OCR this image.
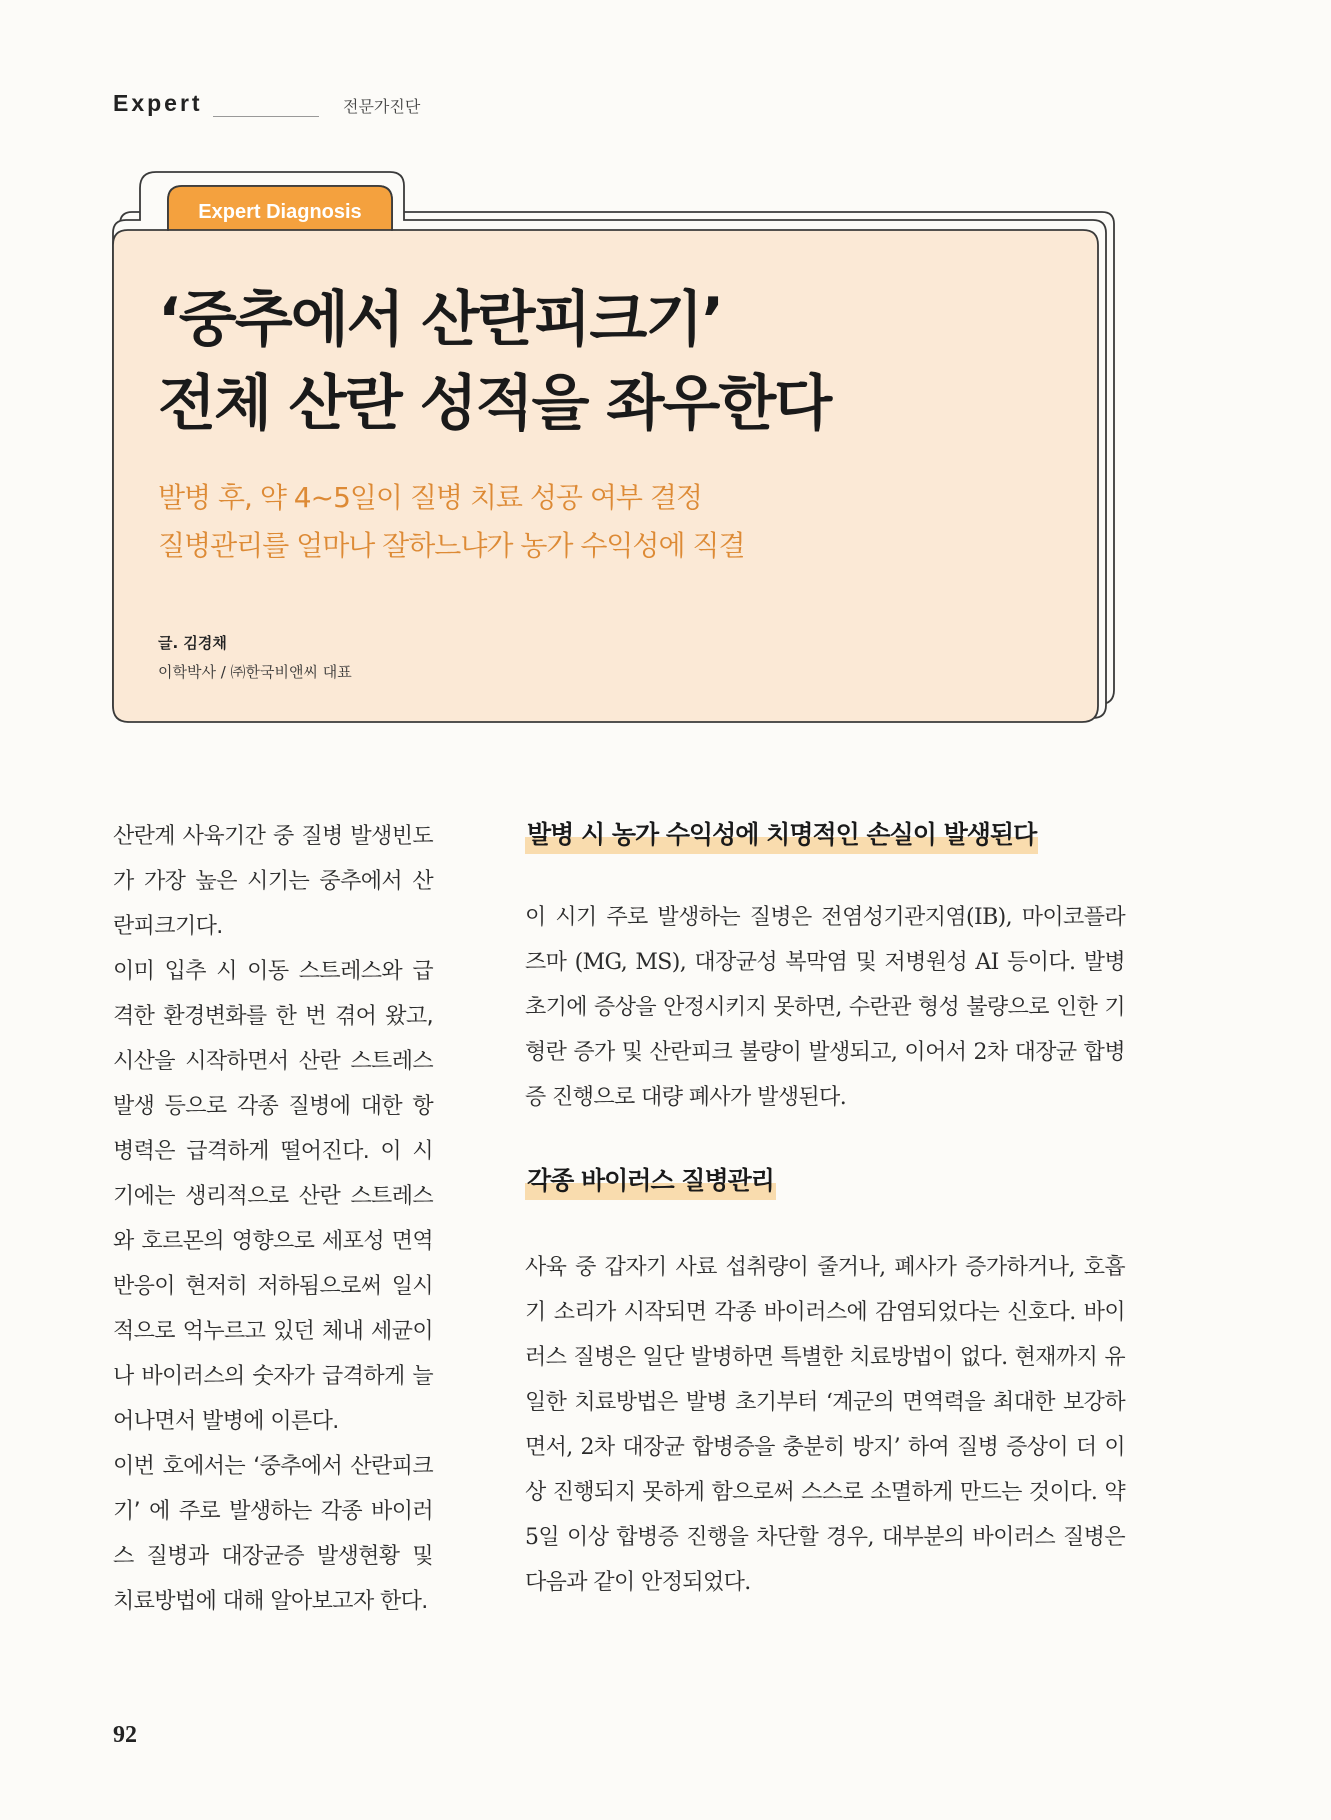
Expert	전문가진단
Expert Diagnosis
‘중추에서 산란피크기’
전체 산란 성적을 좌우한다
발병 후, 약 4~5일이 질병 치료 성공 여부 결정
질병관리를 얼마나 잘하느냐가 농가 수익성에 직결
글. 김경채
이학박사 / ㈜한국비앤씨 대표

산란계 사육기간 중 질병 발생빈도가 가장 높은 시기는 중추에서 산란피크기다.

이미 입추 시 이동 스트레스와 급격한 환경변화를 한 번 겪어 왔고, 시산을 시작하면서 산란 스트레스 발생 등으로 각종 질병에 대한 항병력은 급격하게 떨어진다. 이 시기에는 생리적으로 산란 스트레스와 호르몬의 영향으로 세포성 면역반응이 현저히 저하됨으로써 일시적으로 억누르고 있던 체내 세균이나 바이러스의 숫자가 급격하게 늘어나면서 발병에 이른다.

이번 호에서는 ‘중추에서 산란피크기’ 에 주로 발생하는 각종 바이러스 질병과 대장균증 발생현황 및 치료방법에 대해 알아보고자 한다.

발병 시 농가 수익성에 치명적인 손실이 발생된다

이 시기 주로 발생하는 질병은 전염성기관지염(IB), 마이코플라즈마 (MG, MS), 대장균성 복막염 및 저병원성 AI 등이다. 발병 초기에 증상을 안정시키지 못하면, 수란관 형성 불량으로 인한 기형란 증가 및 산란피크 불량이 발생되고, 이어서 2차 대장균 합병증 진행으로 대량 폐사가 발생된다.

각종 바이러스 질병관리

사육 중 갑자기 사료 섭취량이 줄거나, 폐사가 증가하거나, 호흡기 소리가 시작되면 각종 바이러스에 감염되었다는 신호다. 바이러스 질병은 일단 발병하면 특별한 치료방법이 없다. 현재까지 유일한 치료방법은 발병 초기부터 ‘계군의 면역력을 최대한 보강하면서, 2차 대장균 합병증을 충분히 방지’ 하여 질병 증상이 더 이상 진행되지 못하게 함으로써 스스로 소멸하게 만드는 것이다. 약 5일 이상 합병증 진행을 차단할 경우, 대부분의 바이러스 질병은 다음과 같이 안정되었다.

92
